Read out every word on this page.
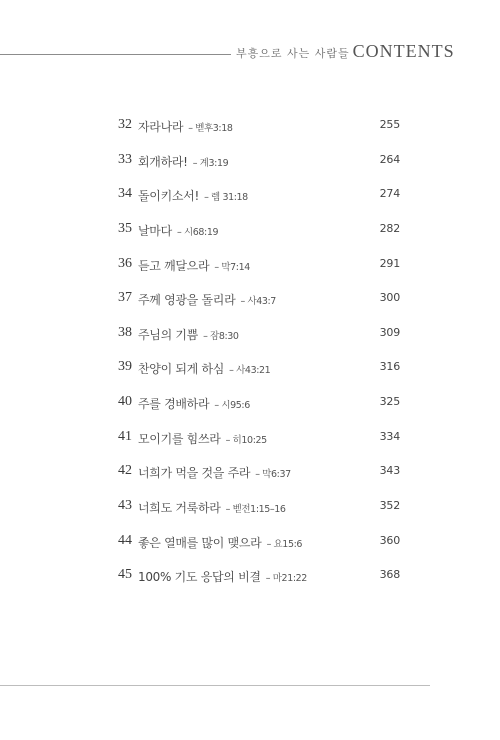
부흥으로 사는 사람들 CONTENTS
32 자라나라 – 벧후3:18	255
33 회개하라! – 계3:19	264
34 돌이키소서! – 렘 31:18	274
35 날마다 – 시68:19	282
36 듣고 깨달으라 – 막7:14	291
37 주께 영광을 돌리라 – 사43:7	300
38 주님의 기쁨 – 잠8:30	309
39 찬양이 되게 하심 – 사43:21	316
40 주를 경배하라 – 시95:6	325
41 모이기를 힘쓰라 – 히10:25	334
42 너희가 먹을 것을 주라 – 막6:37	343
43 너희도 거룩하라 – 벧전1:15–16	352
44 좋은 열매를 많이 맺으라 – 요15:6	360
45 100% 기도 응답의 비결 – 마21:22	368
